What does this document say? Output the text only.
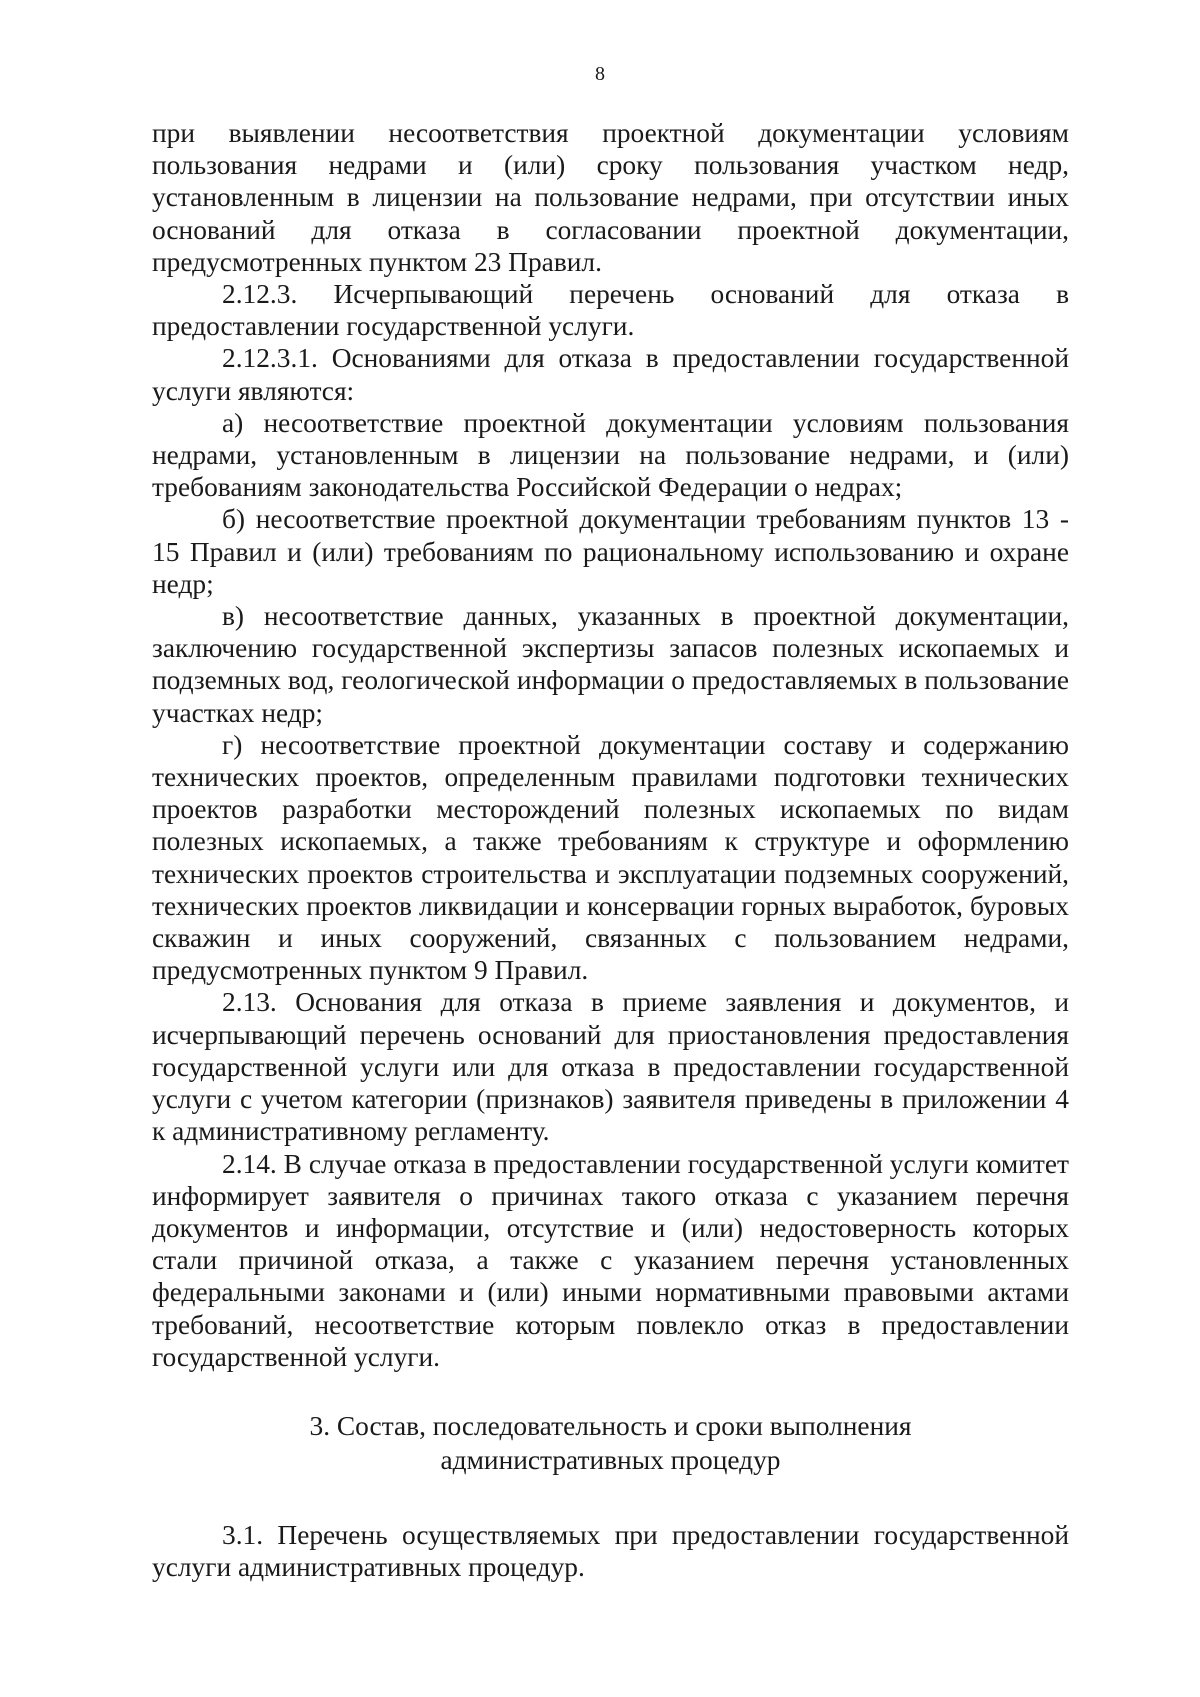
8

при выявлении несоответствия проектной документации условиям пользования недрами и (или) сроку пользования участком недр, установленным в лицензии на пользование недрами, при отсутствии иных оснований для отказа в согласовании проектной документации, предусмотренных пунктом 23 Правил.

2.12.3. Исчерпывающий перечень оснований для отказа в предоставлении государственной услуги.

2.12.3.1. Основаниями для отказа в предоставлении государственной услуги являются:

а) несоответствие проектной документации условиям пользования недрами, установленным в лицензии на пользование недрами, и (или) требованиям законодательства Российской Федерации о недрах;

б) несоответствие проектной документации требованиям пунктов 13 - 15 Правил и (или) требованиям по рациональному использованию и охране недр;

в) несоответствие данных, указанных в проектной документации, заключению государственной экспертизы запасов полезных ископаемых и подземных вод, геологической информации о предоставляемых в пользование участках недр;

г) несоответствие проектной документации составу и содержанию технических проектов, определенным правилами подготовки технических проектов разработки месторождений полезных ископаемых по видам полезных ископаемых, а также требованиям к структуре и оформлению технических проектов строительства и эксплуатации подземных сооружений, технических проектов ликвидации и консервации горных выработок, буровых скважин и иных сооружений, связанных с пользованием недрами, предусмотренных пунктом 9 Правил.

2.13. Основания для отказа в приеме заявления и документов, и исчерпывающий перечень оснований для приостановления предоставления государственной услуги или для отказа в предоставлении государственной услуги с учетом категории (признаков) заявителя приведены в приложении 4 к административному регламенту.

2.14. В случае отказа в предоставлении государственной услуги комитет информирует заявителя о причинах такого отказа с указанием перечня документов и информации, отсутствие и (или) недостоверность которых стали причиной отказа, а также с указанием перечня установленных федеральными законами и (или) иными нормативными правовыми актами требований, несоответствие которым повлекло отказ в предоставлении государственной услуги.

3. Состав, последовательность и сроки выполнения

административных процедур

3.1. Перечень осуществляемых при предоставлении государственной услуги административных процедур.
